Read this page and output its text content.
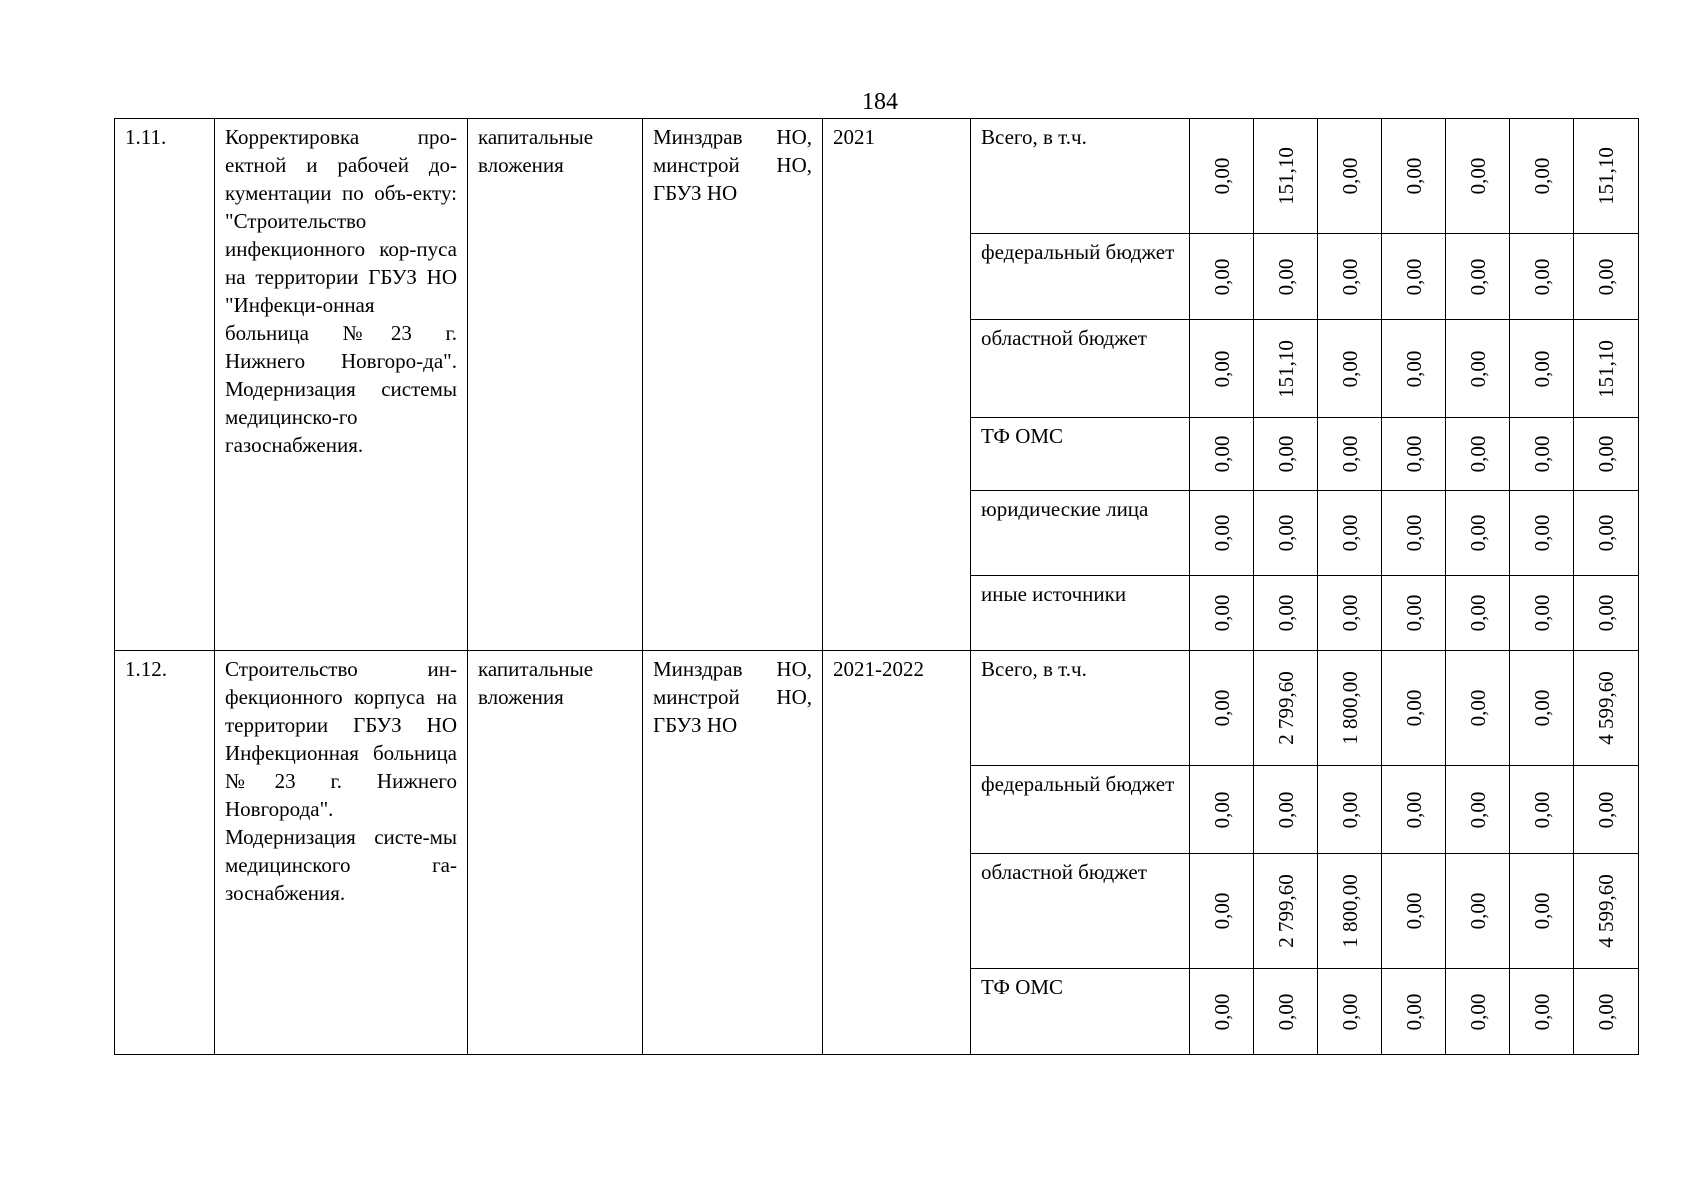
184
1.11.	Корректировка про-ектной и рабочей до-кументации по объ-екту: "Строительство инфекционного кор-пуса на территории ГБУЗ НО "Инфекци-онная больница №23 г. Нижнего Новгоро-да". Модернизация системы медицинско-го газоснабжения.	капитальные вложения	Минздрав НО, минстрой НО, ГБУЗ НО	2021	Всего, в т.ч.	0,00	151,10	0,00	0,00	0,00	0,00	151,10

					федеральный бюджет	0,00	0,00	0,00	0,00	0,00	0,00	0,00

					областной бюджет	0,00	151,10	0,00	0,00	0,00	0,00	151,10

					ТФ ОМС	0,00	0,00	0,00	0,00	0,00	0,00	0,00

					юридические лица	0,00	0,00	0,00	0,00	0,00	0,00	0,00

					иные источники	0,00	0,00	0,00	0,00	0,00	0,00	0,00

1.12.	Строительство ин-фекционного корпуса на территории ГБУЗ НО Инфекционная больница №23 г. Нижнего Новгорода". Модернизация систе-мы медицинского га-зоснабжения.	капитальные вложения	Минздрав НО, минстрой НО, ГБУЗ НО	2021-2022	Всего, в т.ч.	0,00	2 799,60	1 800,00	0,00	0,00	0,00	4 599,60

					федеральный бюджет	0,00	0,00	0,00	0,00	0,00	0,00	0,00

					областной бюджет	0,00	2 799,60	1 800,00	0,00	0,00	0,00	4 599,60

					ТФ ОМС	0,00	0,00	0,00	0,00	0,00	0,00	0,00
